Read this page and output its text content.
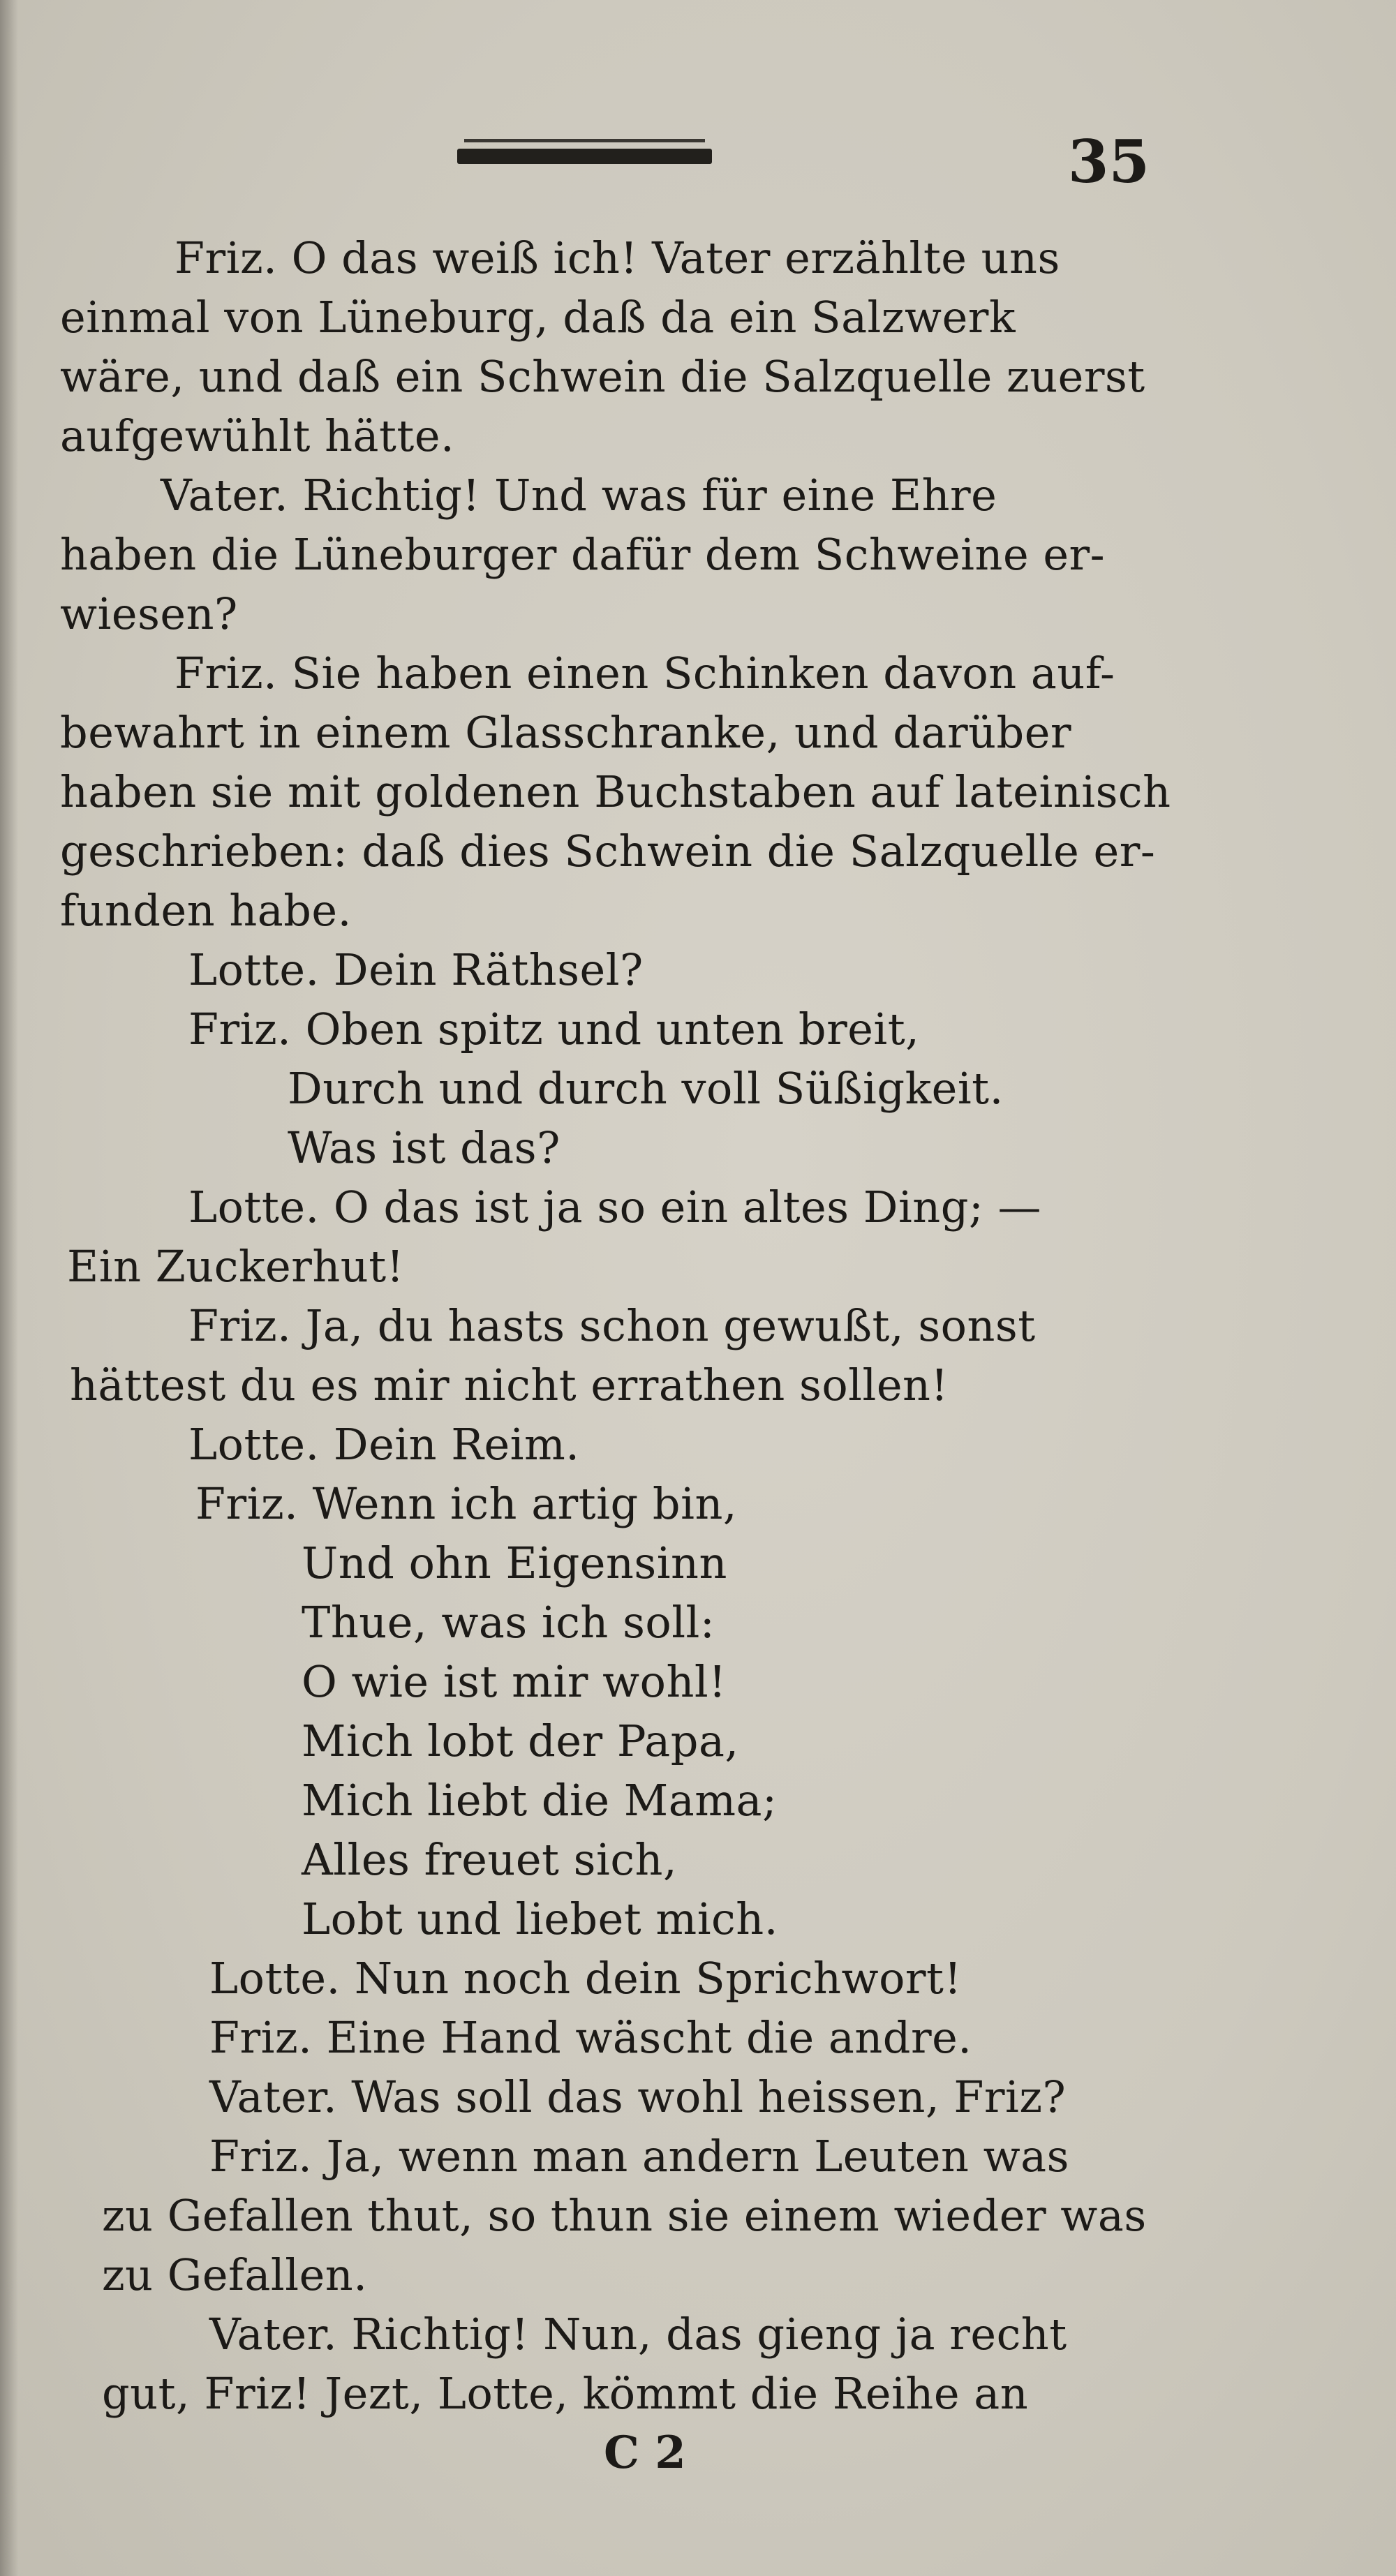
35
Friz. O das weiß ich! Vater erzählte uns
einmal von Lüneburg, daß da ein Salzwerk
wäre, und daß ein Schwein die Salzquelle zuerst
aufgewühlt hätte.
Vater. Richtig! Und was für eine Ehre
haben die Lüneburger dafür dem Schweine er-
wiesen?
Friz. Sie haben einen Schinken davon auf-
bewahrt in einem Glasschranke, und darüber
haben sie mit goldenen Buchstaben auf lateinisch
geschrieben: daß dies Schwein die Salzquelle er-
funden habe.
Lotte. Dein Räthsel?
Friz. Oben spitz und unten breit,
Durch und durch voll Süßigkeit.
Was ist das?
Lotte. O das ist ja so ein altes Ding; —
Ein Zuckerhut!
Friz. Ja, du hasts schon gewußt, sonst
hättest du es mir nicht errathen sollen!
Lotte. Dein Reim.
Friz. Wenn ich artig bin,
Und ohn Eigensinn
Thue, was ich soll:
O wie ist mir wohl!
Mich lobt der Papa,
Mich liebt die Mama;
Alles freuet sich,
Lobt und liebet mich.
Lotte. Nun noch dein Sprichwort!
Friz. Eine Hand wäscht die andre.
Vater. Was soll das wohl heissen, Friz?
Friz. Ja, wenn man andern Leuten was
zu Gefallen thut, so thun sie einem wieder was
zu Gefallen.
Vater. Richtig! Nun, das gieng ja recht
gut, Friz! Jezt, Lotte, kömmt die Reihe an
C 2
